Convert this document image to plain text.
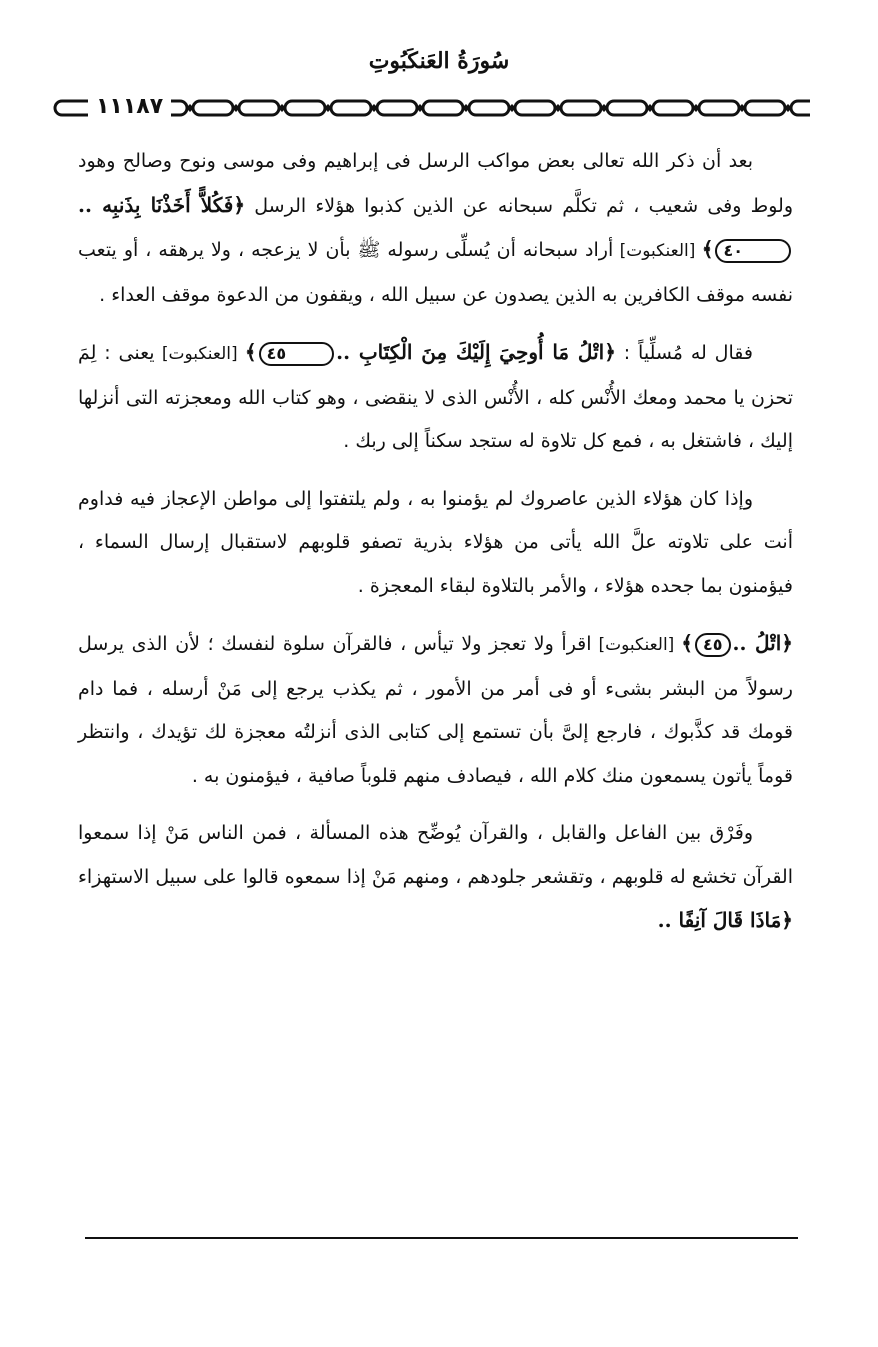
سُورَةُ العَنكَبُوتِ
١١١٨٧

بعد أن ذكر الله تعالى بعض مواكب الرسل فى إبراهيم وفى موسى ونوح وصالح وهود ولوط وفى شعيب ، ثم تكلَّم سبحانه عن الذين كذبوا هؤلاء الرسل ﴿فَكُلاًّ أَخَذْنَا بِذَنبِه ..٤٠﴾ [العنكبوت] أراد سبحانه أن يُسلِّى رسوله ﷺ بأن لا يزعجه ، ولا يرهقه ، أو يتعب نفسه موقف الكافرين به الذين يصدون عن سبيل الله ، ويقفون من الدعوة موقف العداء .

فقال له مُسلِّياً : ﴿اتْلُ مَا أُوحِيَ إِلَيْكَ مِنَ الْكِتَابِ ..٤٥﴾ [العنكبوت] يعنى : لِمَ تحزن يا محمد ومعك الأُنْس كله ، الأُنْس الذى لا ينقضى ، وهو كتاب الله ومعجزته التى أنزلها إليك ، فاشتغل به ، فمع كل تلاوة له ستجد سكناً إلى ربك .

وإذا كان هؤلاء الذين عاصروك لم يؤمنوا به ، ولم يلتفتوا إلى مواطن الإعجاز فيه فداوم أنت على تلاوته علَّ الله يأتى من هؤلاء بذرية تصفو قلوبهم لاستقبال إرسال السماء ، فيؤمنون بما جحده هؤلاء ، والأمر بالتلاوة لبقاء المعجزة .

﴿اتْلُ ..٤٥﴾ [العنكبوت] اقرأ ولا تعجز ولا تيأس ، فالقرآن سلوة لنفسك ؛ لأن الذى يرسل رسولاً من البشر بشىء أو فى أمر من الأمور ، ثم يكذب يرجع إلى مَنْ أرسله ، فما دام قومك قد كذَّبوك ، فارجع إلىَّ بأن تستمع إلى كتابى الذى أنزلتُه معجزة لك تؤيدك ، وانتظر قوماً يأتون يسمعون منك كلام الله ، فيصادف منهم قلوباً صافية ، فيؤمنون به .

وفَرْق بين الفاعل والقابل ، والقرآن يُوضِّح هذه المسألة ، فمن الناس مَنْ إذا سمعوا القرآن تخشع له قلوبهم ، وتقشعر جلودهم ، ومنهم مَنْ إذا سمعوه قالوا على سبيل الاستهزاء ﴿مَاذَا قَالَ آنِفًا ..
